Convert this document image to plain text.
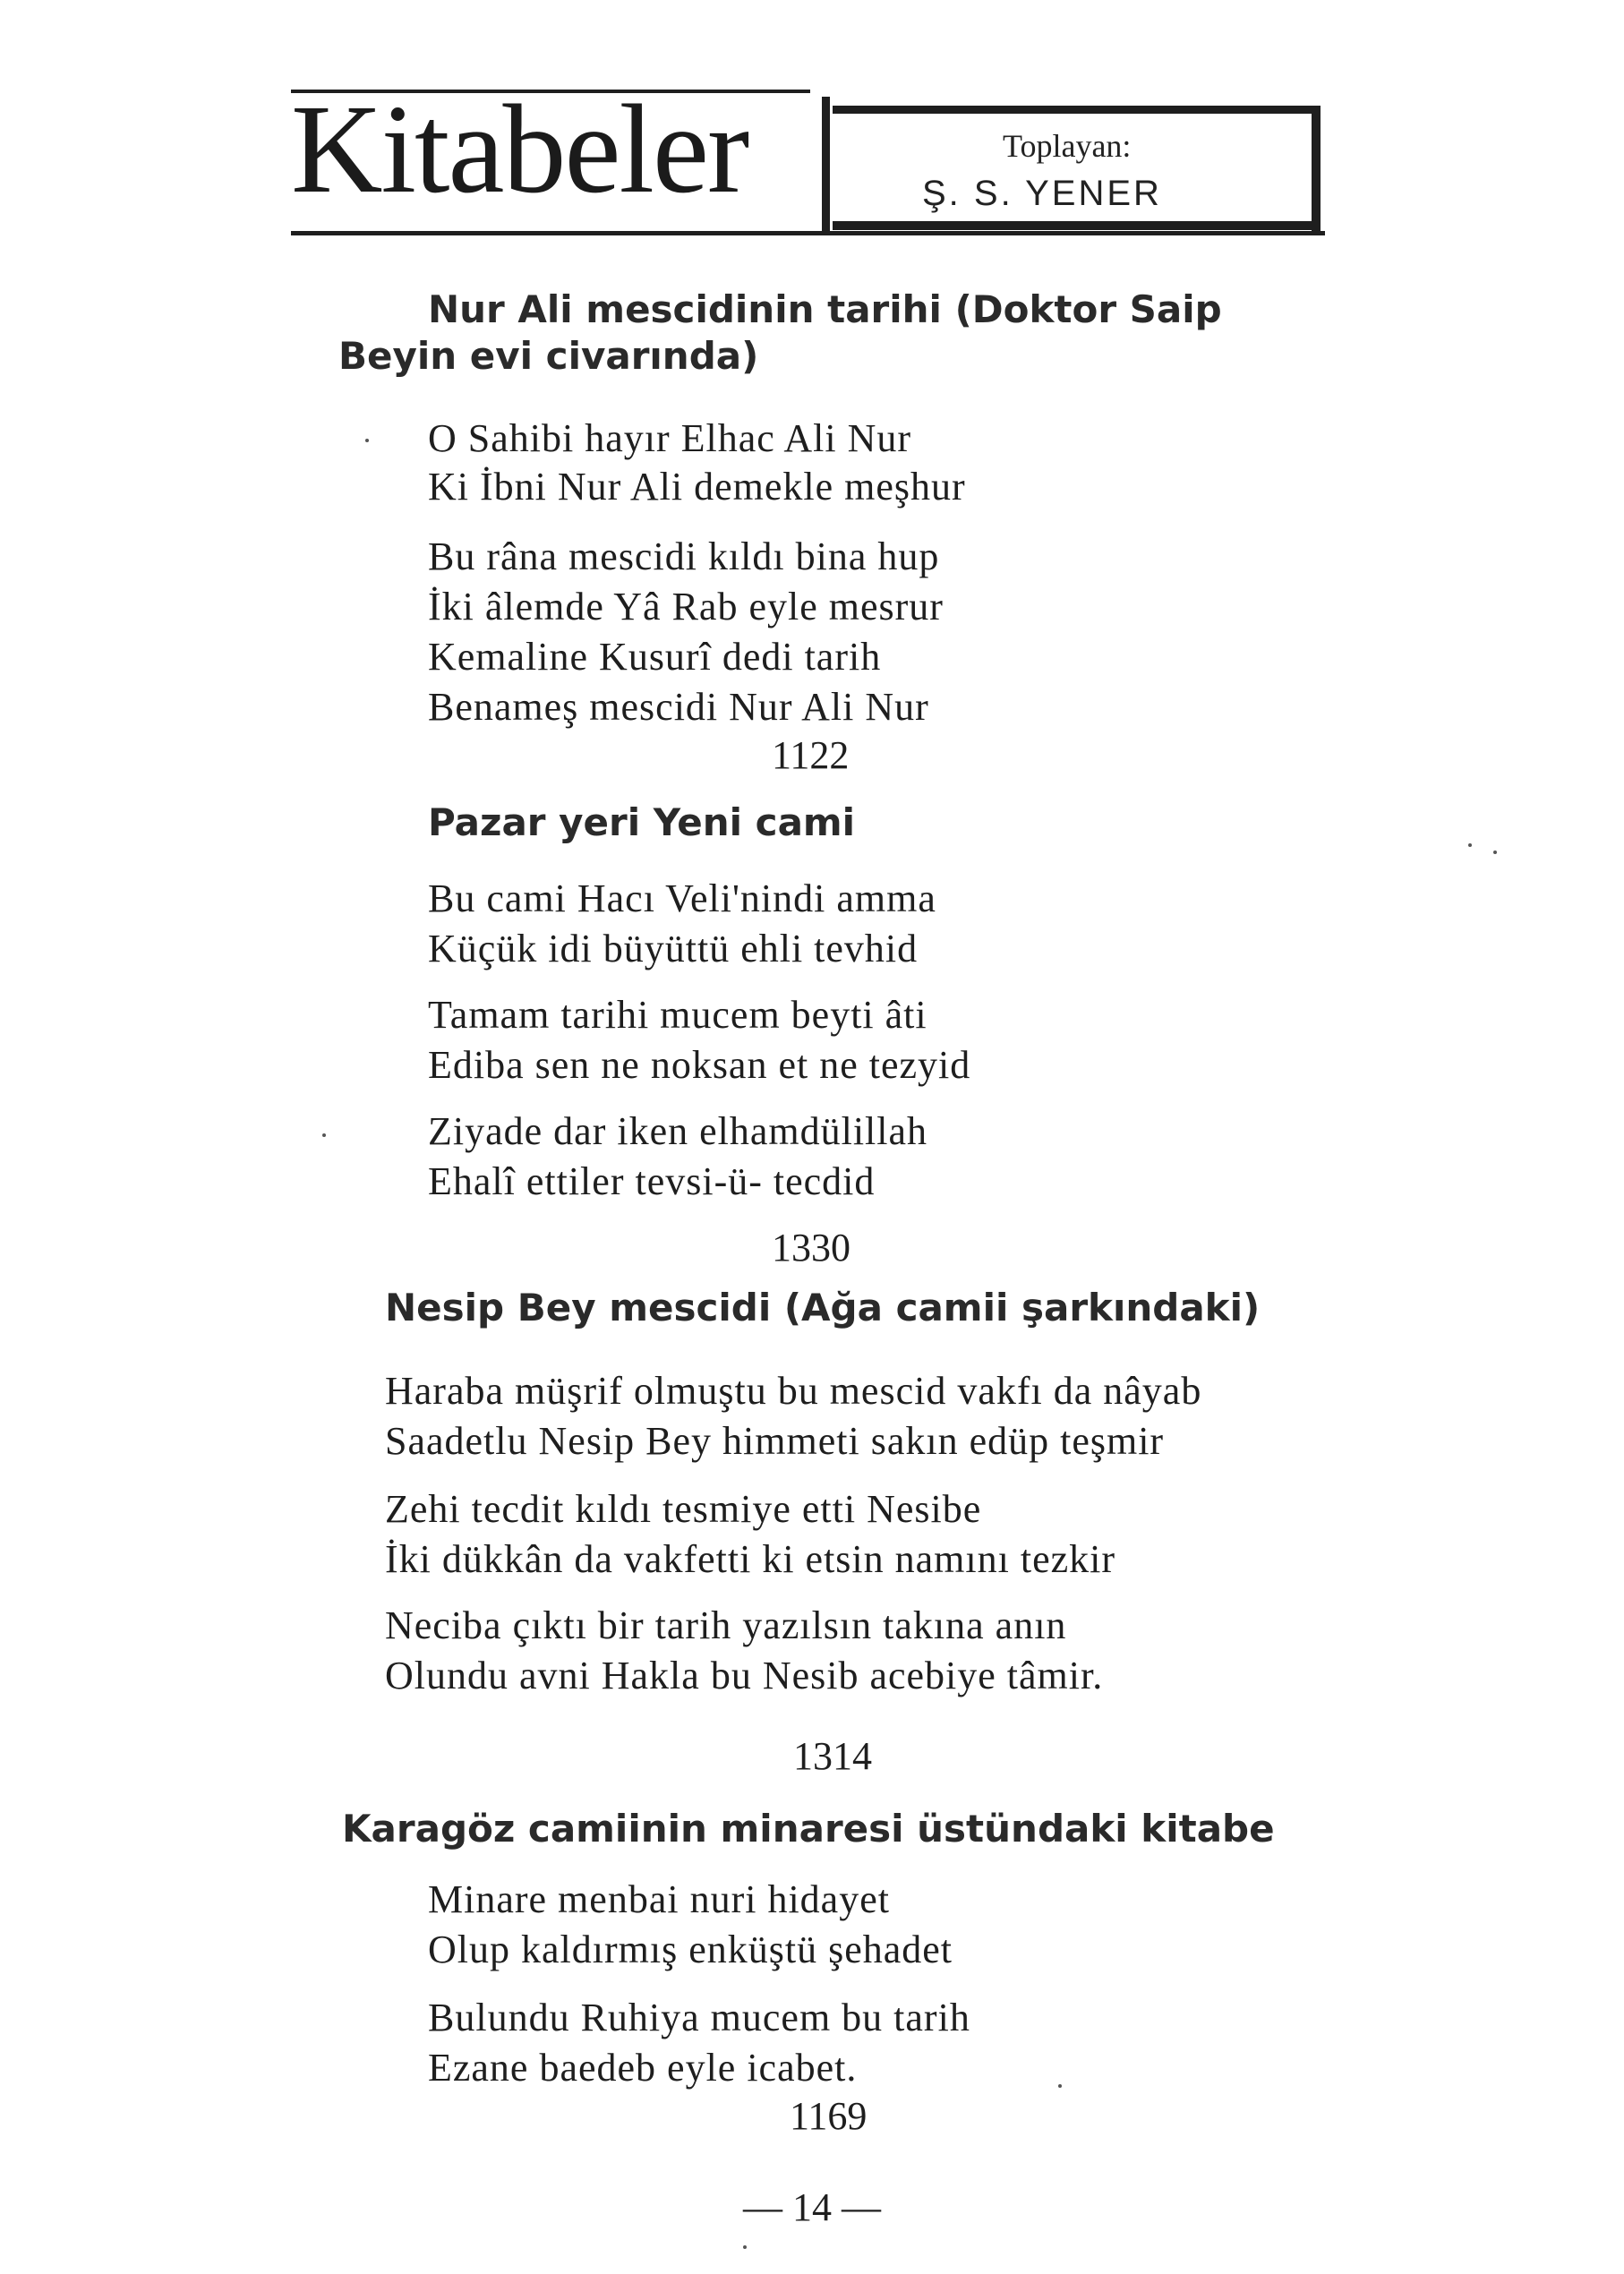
Kitabeler	Toplayan:
Ş. S. YENER
Nur Ali mescidinin tarihi (Doktor Saip
Beyin evi civarında)
O Sahibi hayır Elhac Ali Nur
Ki İbni Nur Ali demekle meşhur
Bu râna mescidi kıldı bina hup
İki âlemde Yâ Rab eyle mesrur
Kemaline Kusurî dedi tarih
Benameş mescidi Nur Ali Nur
1122
Pazar yeri Yeni cami
Bu cami Hacı Veli'nindi amma
Küçük idi büyüttü ehli tevhid
Tamam tarihi mucem beyti âti
Ediba sen ne noksan et ne tezyid
Ziyade dar iken elhamdülillah
Ehalî ettiler tevsi-ü- tecdid
1330
Nesip Bey mescidi (Ağa camii şarkındaki)
Haraba müşrif olmuştu bu mescid vakfı da nâyab
Saadetlu Nesip Bey himmeti sakın edüp teşmir
Zehi tecdit kıldı tesmiye etti Nesibe
İki dükkân da vakfetti ki etsin namını tezkir
Neciba çıktı bir tarih yazılsın takına anın
Olundu avni Hakla bu Nesib acebiye tâmir.
1314
Karagöz camiinin minaresi üstündaki kitabe
Minare menbai nuri hidayet
Olup kaldırmış enküştü şehadet
Bulundu Ruhiya mucem bu tarih
Ezane baedeb eyle icabet.
1169
— 14 —
